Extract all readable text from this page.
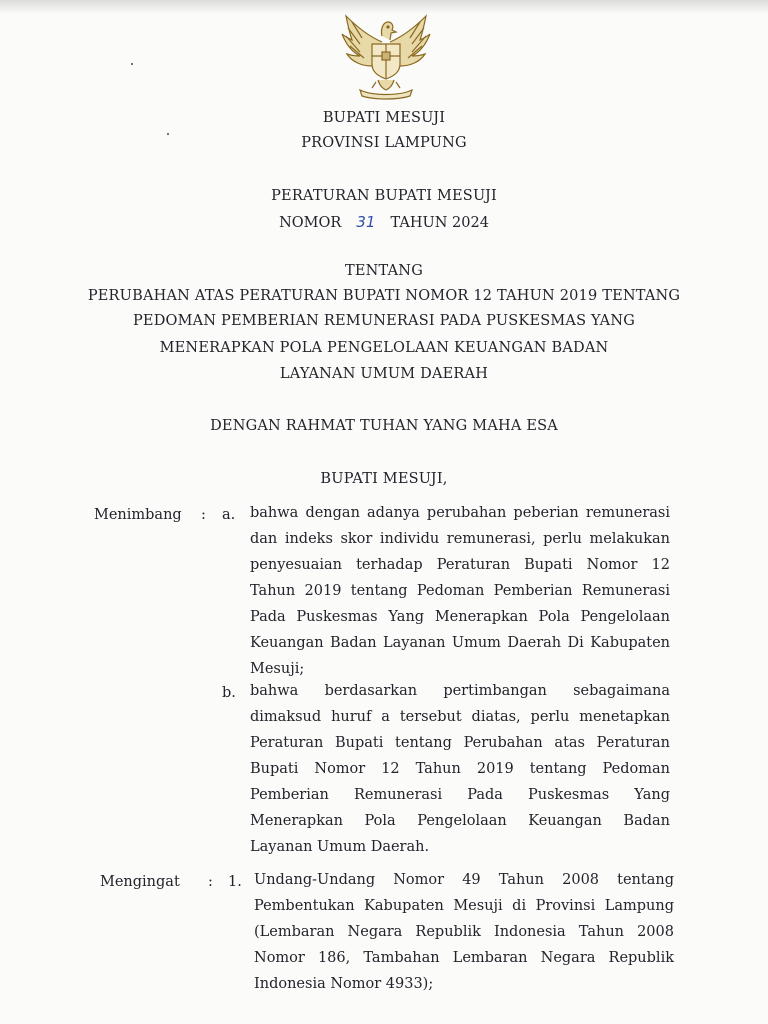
BUPATI MESUJI
PROVINSI LAMPUNG
PERATURAN BUPATI MESUJI
NOMOR 31 TAHUN 2024
TENTANG
PERUBAHAN ATAS PERATURAN BUPATI NOMOR 12 TAHUN 2019 TENTANG
PEDOMAN PEMBERIAN REMUNERASI PADA PUSKESMAS YANG
MENERAPKAN POLA PENGELOLAAN KEUANGAN BADAN
LAYANAN UMUM DAERAH
DENGAN RAHMAT TUHAN YANG MAHA ESA
BUPATI MESUJI,
Menimbang : a. bahwa dengan adanya perubahan peberian remunerasi
dan indeks skor individu remunerasi, perlu melakukan
penyesuaian terhadap Peraturan Bupati Nomor 12
Tahun 2019 tentang Pedoman Pemberian Remunerasi
Pada Puskesmas Yang Menerapkan Pola Pengelolaan
Keuangan Badan Layanan Umum Daerah Di Kabupaten
Mesuji;
b. bahwa berdasarkan pertimbangan sebagaimana
dimaksud huruf a tersebut diatas, perlu menetapkan
Peraturan Bupati tentang Perubahan atas Peraturan
Bupati Nomor 12 Tahun 2019 tentang Pedoman
Pemberian Remunerasi Pada Puskesmas Yang
Menerapkan Pola Pengelolaan Keuangan Badan
Layanan Umum Daerah.
Mengingat : 1. Undang-Undang Nomor 49 Tahun 2008 tentang
Pembentukan Kabupaten Mesuji di Provinsi Lampung
(Lembaran Negara Republik Indonesia Tahun 2008
Nomor 186, Tambahan Lembaran Negara Republik
Indonesia Nomor 4933);
